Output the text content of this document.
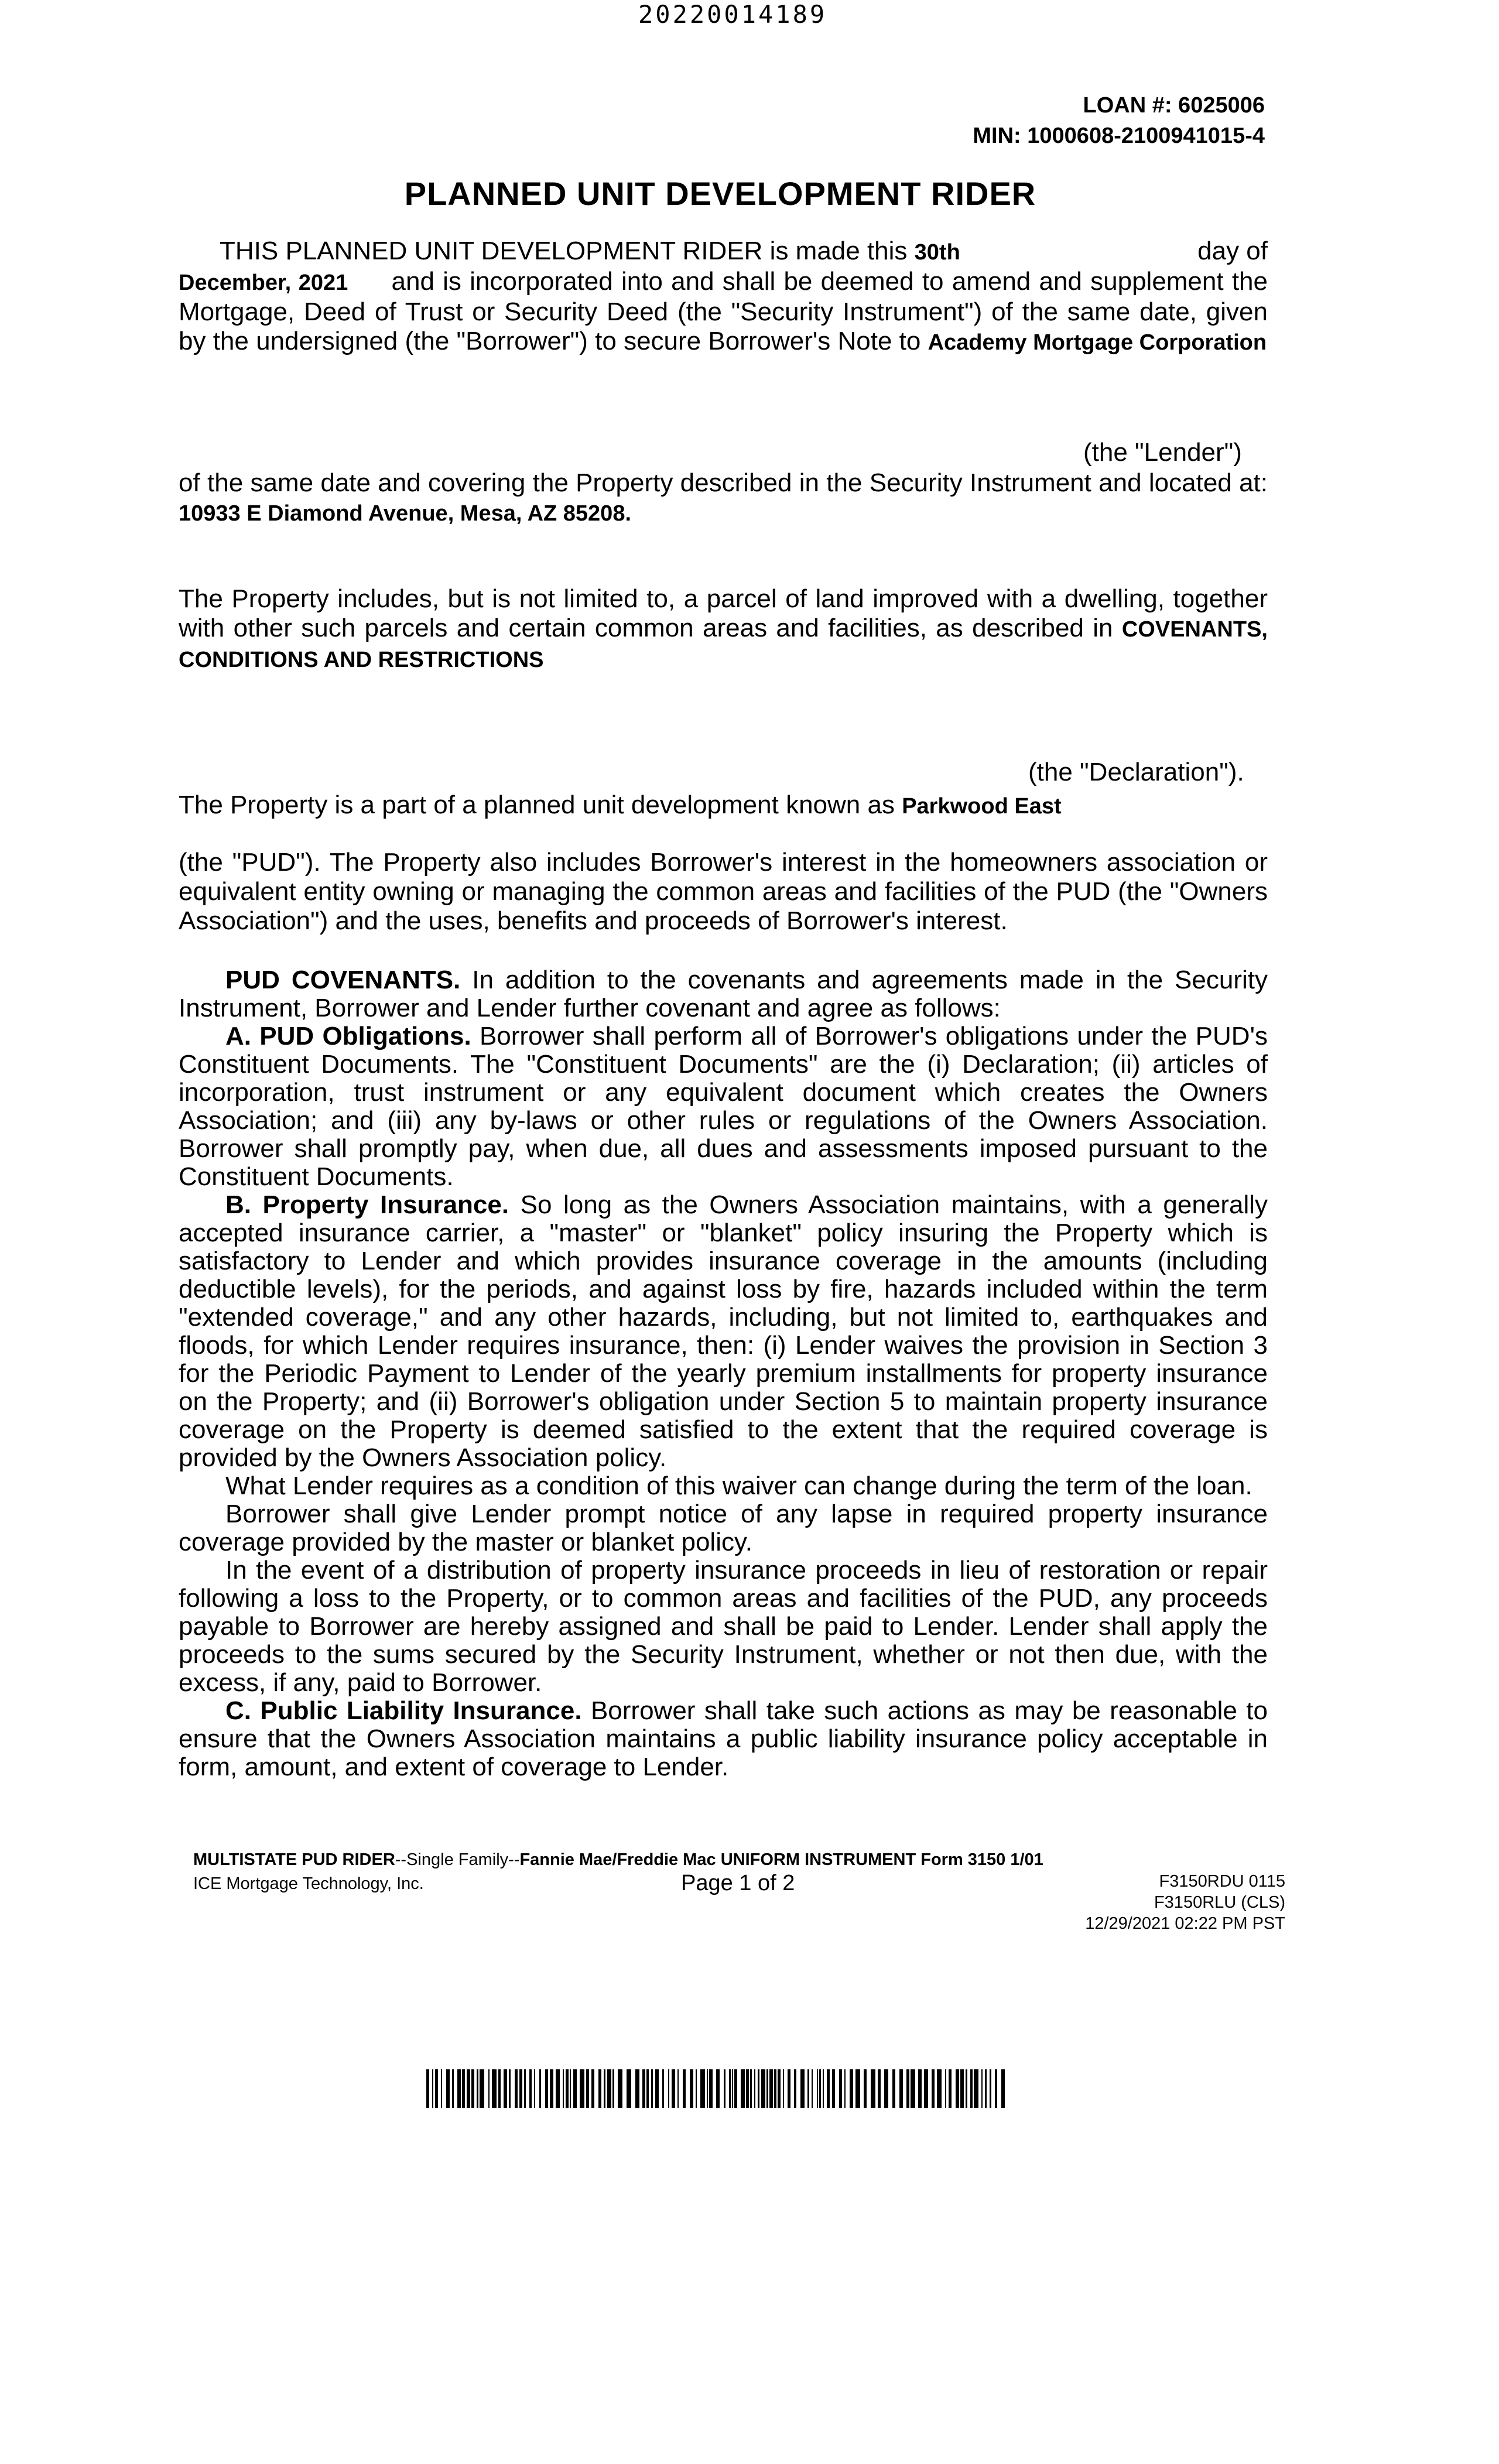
20220014189
LOAN #: 6025006
MIN: 1000608-2100941015-4
PLANNED UNIT DEVELOPMENT RIDER
THIS PLANNED UNIT DEVELOPMENT RIDER is made this 30th	day of

December, 2021 and is incorporated into and shall be deemed to amend and supplement the Mortgage, Deed of Trust or Security Deed (the "Security Instrument") of the same date, given by the undersigned (the "Borrower") to secure Borrower's Note to Academy Mortgage Corporation
(the "Lender")
of the same date and covering the Property described in the Security Instrument and located at: 10933 E Diamond Avenue, Mesa, AZ 85208.
The Property includes, but is not limited to, a parcel of land improved with a dwelling, together with other such parcels and certain common areas and facilities, as described in COVENANTS, CONDITIONS AND RESTRICTIONS
(the "Declaration").
The Property is a part of a planned unit development known as Parkwood East
(the "PUD"). The Property also includes Borrower's interest in the homeowners association or equivalent entity owning or managing the common areas and facilities of the PUD (the "Owners Association") and the uses, benefits and proceeds of Borrower's interest.
PUD COVENANTS. In addition to the covenants and agreements made in the Security Instrument, Borrower and Lender further covenant and agree as follows:
A. PUD Obligations. Borrower shall perform all of Borrower's obligations under the PUD's Constituent Documents. The "Constituent Documents" are the (i) Declaration; (ii) articles of incorporation, trust instrument or any equivalent document which creates the Owners Association; and (iii) any by-laws or other rules or regulations of the Owners Association. Borrower shall promptly pay, when due, all dues and assessments imposed pursuant to the Constituent Documents.
B. Property Insurance. So long as the Owners Association maintains, with a generally accepted insurance carrier, a "master" or "blanket" policy insuring the Property which is satisfactory to Lender and which provides insurance coverage in the amounts (including deductible levels), for the periods, and against loss by fire, hazards included within the term "extended coverage," and any other hazards, including, but not limited to, earthquakes and floods, for which Lender requires insurance, then: (i) Lender waives the provision in Section 3 for the Periodic Payment to Lender of the yearly premium installments for property insurance on the Property; and (ii) Borrower's obligation under Section 5 to maintain property insurance coverage on the Property is deemed satisfied to the extent that the required coverage is provided by the Owners Association policy.
What Lender requires as a condition of this waiver can change during the term of the loan.
Borrower shall give Lender prompt notice of any lapse in required property insurance coverage provided by the master or blanket policy.
In the event of a distribution of property insurance proceeds in lieu of restoration or repair following a loss to the Property, or to common areas and facilities of the PUD, any proceeds payable to Borrower are hereby assigned and shall be paid to Lender. Lender shall apply the proceeds to the sums secured by the Security Instrument, whether or not then due, with the excess, if any, paid to Borrower.
C. Public Liability Insurance. Borrower shall take such actions as may be reasonable to ensure that the Owners Association maintains a public liability insurance policy acceptable in form, amount, and extent of coverage to Lender.
MULTISTATE PUD RIDER--Single Family--Fannie Mae/Freddie Mac UNIFORM INSTRUMENT Form 3150 1/01
ICE Mortgage Technology, Inc.	Page 1 of 2	F3150RDU 0115
F3150RLU (CLS)
12/29/2021 02:22 PM PST
